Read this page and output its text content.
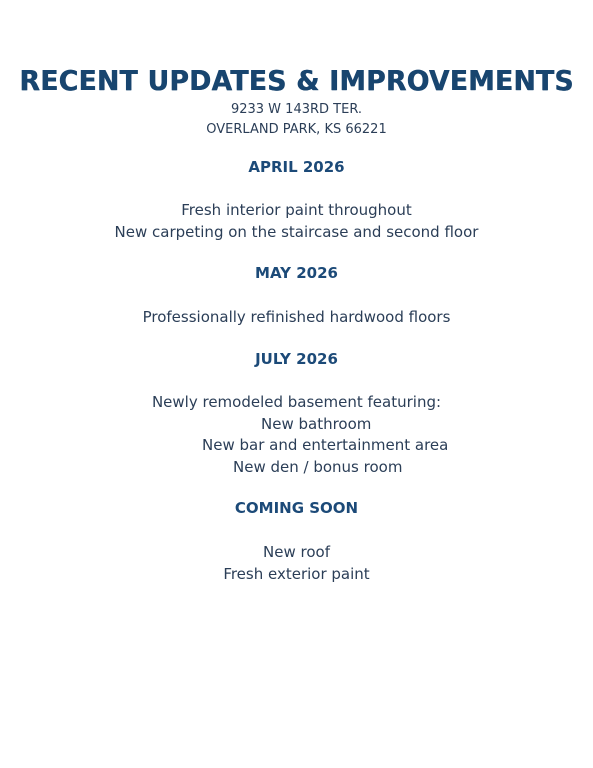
RECENT UPDATES & IMPROVEMENTS
9233 W 143RD TER.
OVERLAND PARK, KS 66221
APRIL 2026
Fresh interior paint throughout
New carpeting on the staircase and second floor
MAY 2026
Professionally refinished hardwood floors
JULY 2026
Newly remodeled basement featuring:
New bathroom
New bar and entertainment area
New den / bonus room
COMING SOON
New roof
Fresh exterior paint
